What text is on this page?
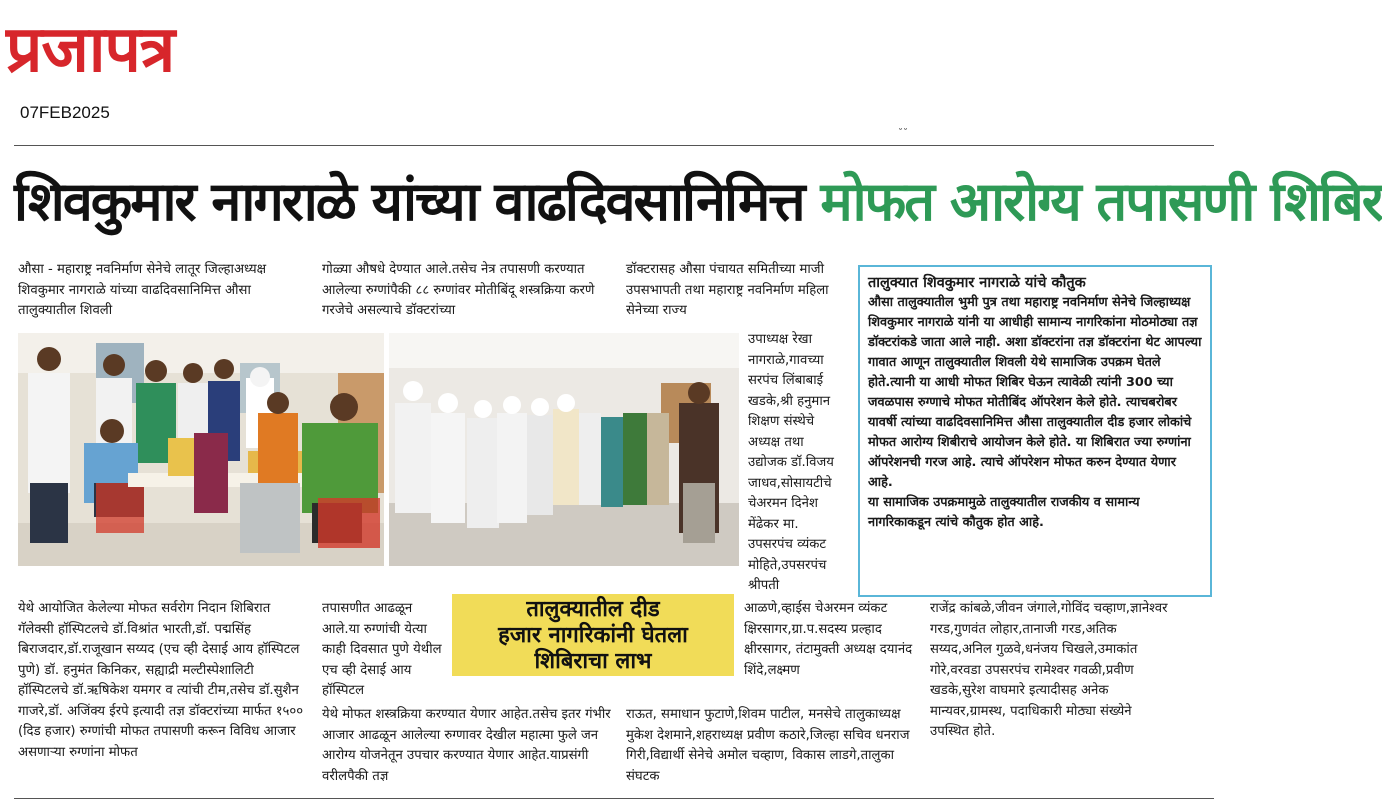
प्रजापत्र
07FEB2025
˘˘
शिवकुमार नागराळे यांच्या वाढदिवसानिमित्त मोफत आरोग्य तपासणी शिबिर
औसा - महाराष्ट्र नवनिर्माण सेनेचे लातूर जिल्हाअध्यक्ष शिवकुमार नागराळे यांच्या वाढदिवसानिमित्त औसा तालुक्यातील शिवली
गोळ्या औषधे देण्यात आले.तसेच नेत्र तपासणी करण्यात आलेल्या रुग्णांपैकी ८८ रुग्णांवर मोतीबिंदू शस्त्रक्रिया करणे गरजेचे असल्याचे डॉक्टरांच्या
डॉक्टरासह औसा पंचायत समितीच्या माजी उपसभापती तथा महाराष्ट्र नवनिर्माण महिला सेनेच्या राज्य
उपाध्यक्ष रेखा नागराळे,गावच्या सरपंच लिंबाबाई खडके,श्री हनुमान शिक्षण संस्थेचे अध्यक्ष तथा उद्योजक डॉ.विजय जाधव,सोसायटीचे चेअरमन दिनेश मेंढेकर मा. उपसरपंच व्यंकट मोहिते,उपसरपंच श्रीपती
तालुक्यात शिवकुमार नागराळे यांचे कौतुक
औसा तालुक्यातील भुमी पुत्र तथा महाराष्ट्र नवनिर्माण सेनेचे जिल्हाध्यक्ष शिवकुमार नागराळे यांनी या आधीही सामान्य नागरिकांना मोठमोठ्या तज्ञ डॉक्टरांकडे जाता आले नाही. अशा डॉक्टरांना तज्ञ डॉक्टरांना थेट आपल्या गावात आणून तालुक्यातील शिवली येथे सामाजिक उपक्रम घेतले होते.त्यानी या आधी मोफत शिबिर घेऊन त्यावेळी त्यांनी 300 च्या जवळपास रुग्णाचे मोफत मोतीबिंद ऑपरेशन केले होते. त्याचबरोबर यावर्षी त्यांच्या वाढदिवसानिमित्त औसा तालुक्यातील दीड हजार लोकांचे मोफत आरोग्य शिबीराचे आयोजन केले होते. या शिबिरात ज्या रुग्णांना ऑपरेशनची गरज आहे. त्याचे ऑपरेशन मोफत करुन देण्यात येणार आहे.
या सामाजिक उपक्रमामुळे तालुक्यातील राजकीय व सामान्य नागरिकाकडून त्यांचे कौतुक होत आहे.
येथे आयोजित केलेल्या मोफत सर्वरोग निदान शिबिरात गॅलेक्सी हॉस्पिटलचे डॉ.विश्रांत भारती,डॉ. पद्मसिंह बिराजदार,डॉ.राजूखान सय्यद (एच व्ही देसाई आय हॉस्पिटल पुणे) डॉ. हनुमंत किनिकर, सह्याद्री मल्टीस्पेशालिटी हॉस्पिटलचे डॉ.ऋषिकेश यमगर व त्यांची टीम,तसेच डॉ.सुशैन गाजरे,डॉ. अजिंक्य ईरपे इत्यादी तज्ञ डॉक्टरांच्या मार्फत १५०० (दिड हजार) रुग्णांची मोफत तपासणी करून विविध आजार असणाऱ्या रुग्णांना मोफत
तपासणीत आढळून आले.या रुग्णांची येत्या काही दिवसात पुणे येथील एच व्ही देसाई आय हॉस्पिटल
तालुक्यातील दीड
हजार नागरिकांनी घेतला
शिबिराचा लाभ
येथे मोफत शस्त्रक्रिया करण्यात येणार आहेत.तसेच इतर गंभीर आजार आढळून आलेल्या रुग्णावर देखील महात्मा फुले जन आरोग्य योजनेतून उपचार करण्यात येणार आहेत.याप्रसंगी वरीलपैकी तज्ञ
आळणे,व्हाईस चेअरमन व्यंकट क्षिरसागर,ग्रा.प.सदस्य प्रल्हाद क्षीरसागर, तंटामुक्ती अध्यक्ष दयानंद शिंदे,लक्ष्मण
राऊत, समाधान फुटाणे,शिवम पाटील, मनसेचे तालुकाध्यक्ष मुकेश देशमाने,शहराध्यक्ष प्रवीण कठारे,जिल्हा सचिव धनराज गिरी,विद्यार्थी सेनेचे अमोल चव्हाण, विकास लाडगे,तालुका संघटक
राजेंद्र कांबळे,जीवन जंगाले,गोविंद चव्हाण,ज्ञानेश्वर गरड,गुणवंत लोहार,तानाजी गरड,अतिक सय्यद,अनिल गुळवे,धनंजय चिखले,उमाकांत गोरे,वरवडा उपसरपंच रामेश्वर गवळी,प्रवीण खडके,सुरेश वाघमारे इत्यादीसह अनेक मान्यवर,ग्रामस्थ, पदाधिकारी मोठ्या संख्येने उपस्थित होते.
